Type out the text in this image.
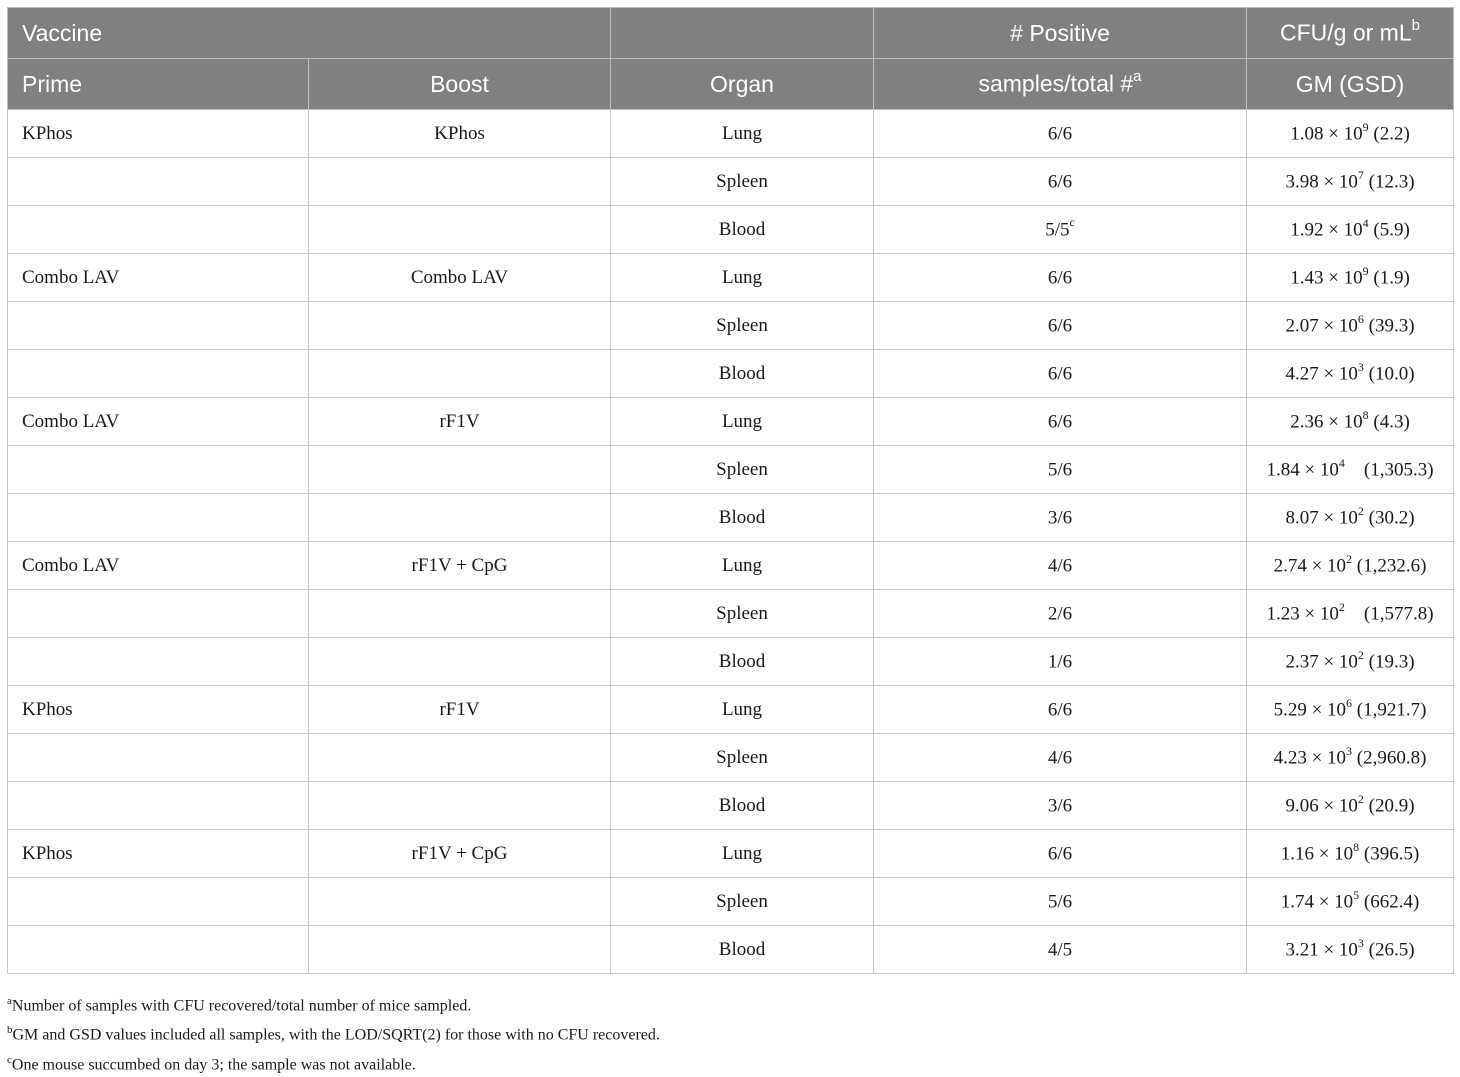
Vaccine			# Positive	CFU/g or $mL^b$
Prime	Boost	Organ	samples/total #$^a$	GM (GSD)
KPhos	KPhos	Lung	6/6	$1.08 \times 10^9$ (2.2)
		Spleen	6/6	$3.98 \times 10^7$ (12.3)
		Blood	5/5$^c$	$1.92 \times 10^4$ (5.9)
Combo LAV	Combo LAV	Lung	6/6	$1.43 \times 10^9$ (1.9)
		Spleen	6/6	$2.07 \times 10^6$ (39.3)
		Blood	6/6	$4.27 \times 10^3$ (10.0)
Combo LAV	rF1V	Lung	6/6	$2.36 \times 10^8$ (4.3)
		Spleen	5/6	$1.84 \times 10^4$    (1,305.3)
		Blood	3/6	$8.07 \times 10^2$ (30.2)
Combo LAV	rF1V + CpG	Lung	4/6	$2.74 \times 10^2$ (1,232.6)
		Spleen	2/6	$1.23 \times 10^2$    (1,577.8)
		Blood	1/6	$2.37 \times 10^2$ (19.3)
KPhos	rF1V	Lung	6/6	$5.29 \times 10^6$ (1,921.7)
		Spleen	4/6	$4.23 \times 10^3$ (2,960.8)
		Blood	3/6	$9.06 \times 10^2$ (20.9)
KPhos	rF1V + CpG	Lung	6/6	$1.16 \times 10^8$ (396.5)
		Spleen	5/6	$1.74 \times 10^5$ (662.4)
		Blood	4/5	$3.21 \times 10^3$ (26.5)
$^a$Number of samples with CFU recovered/total number of mice sampled.
$^b$GM and GSD values included all samples, with the LOD/SQRT(2) for those with no CFU recovered.
$^c$One mouse succumbed on day 3; the sample was not available.
